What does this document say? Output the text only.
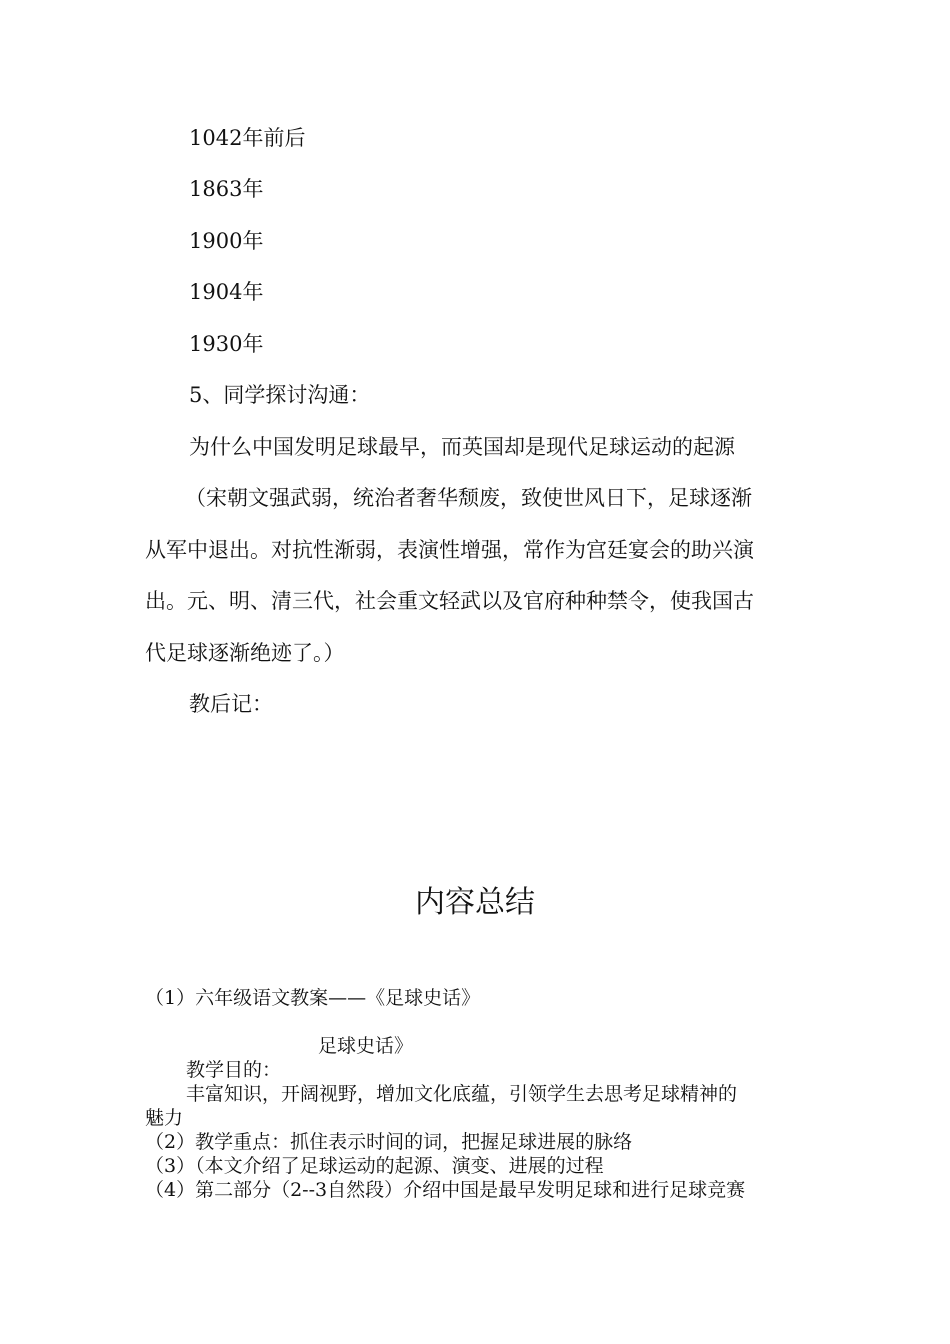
1042年前后
1863年
1900年
1904年
1930年
5、同学探讨沟通：
为什么中国发明足球最早，而英国却是现代足球运动的起源
（宋朝文强武弱，统治者奢华颓废，致使世风日下，足球逐渐
从军中退出。对抗性渐弱，表演性增强，常作为宫廷宴会的助兴演
出。元、明、清三代，社会重文轻武以及官府种种禁令，使我国古
代足球逐渐绝迹了。）
教后记：
内容总结
（1）六年级语文教案——《足球史话》
足球史话》
教学目的：
丰富知识，开阔视野，增加文化底蕴，引领学生去思考足球精神的
魅力
（2）教学重点：抓住表示时间的词，把握足球进展的脉络
（3）（本文介绍了足球运动的起源、演变、进展的过程
（4）第二部分（2--3自然段）介绍中国是最早发明足球和进行足球竞赛
